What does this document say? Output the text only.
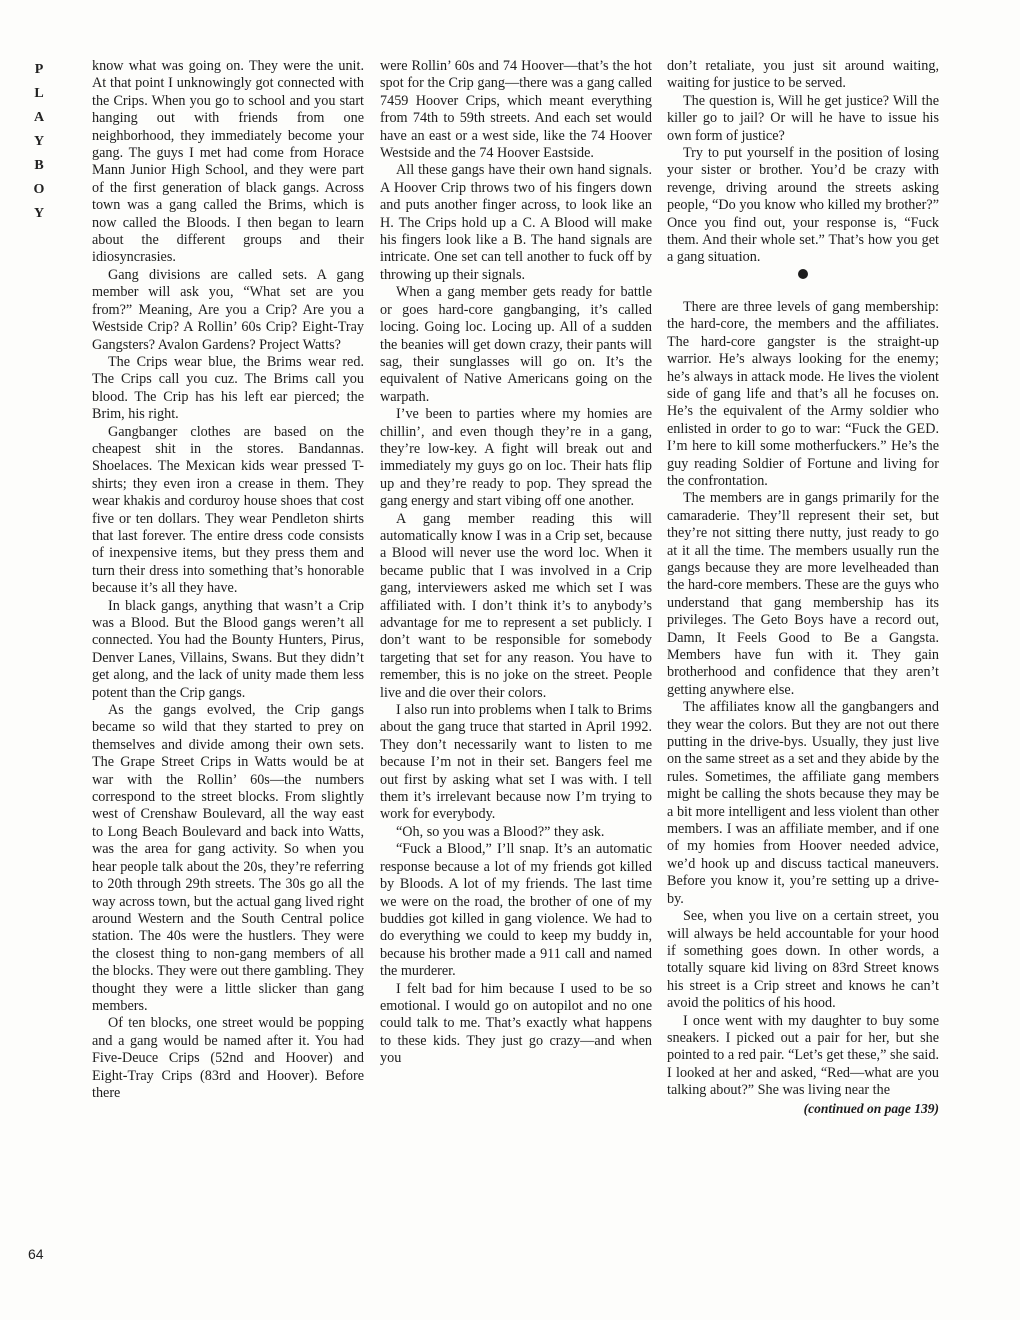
P
L
A
Y
B
O
Y

know what was going on. They were the unit. At that point I unknowingly got connected with the Crips. When you go to school and you start hanging out with friends from one neighborhood, they immediately become your gang. The guys I met had come from Horace Mann Junior High School, and they were part of the first generation of black gangs. Across town was a gang called the Brims, which is now called the Bloods. I then began to learn about the different groups and their idiosyncrasies.

Gang divisions are called sets. A gang member will ask you, “What set are you from?” Meaning, Are you a Crip? Are you a Westside Crip? A Rollin’ 60s Crip? Eight-Tray Gangsters? Avalon Gardens? Project Watts?

The Crips wear blue, the Brims wear red. The Crips call you cuz. The Brims call you blood. The Crip has his left ear pierced; the Brim, his right.

Gangbanger clothes are based on the cheapest shit in the stores. Bandannas. Shoelaces. The Mexican kids wear pressed T-shirts; they even iron a crease in them. They wear khakis and corduroy house shoes that cost five or ten dollars. They wear Pendleton shirts that last forever. The entire dress code consists of inexpensive items, but they press them and turn their dress into something that’s honorable because it’s all they have.

In black gangs, anything that wasn’t a Crip was a Blood. But the Blood gangs weren’t all connected. You had the Bounty Hunters, Pirus, Denver Lanes, Villains, Swans. But they didn’t get along, and the lack of unity made them less potent than the Crip gangs.

As the gangs evolved, the Crip gangs became so wild that they started to prey on themselves and divide among their own sets. The Grape Street Crips in Watts would be at war with the Rollin’ 60s—the numbers correspond to the street blocks. From slightly west of Crenshaw Boulevard, all the way east to Long Beach Boulevard and back into Watts, was the area for gang activity. So when you hear people talk about the 20s, they’re referring to 20th through 29th streets. The 30s go all the way across town, but the actual gang lived right around Western and the South Central police station. The 40s were the hustlers. They were the closest thing to non-gang members of all the blocks. They were out there gambling. They thought they were a little slicker than gang members.

Of ten blocks, one street would be popping and a gang would be named after it. You had Five-Deuce Crips (52nd and Hoover) and Eight-Tray Crips (83rd and Hoover). Before there

were Rollin’ 60s and 74 Hoover—that’s the hot spot for the Crip gang—there was a gang called 7459 Hoover Crips, which meant everything from 74th to 59th streets. And each set would have an east or a west side, like the 74 Hoover Westside and the 74 Hoover Eastside.

All these gangs have their own hand signals. A Hoover Crip throws two of his fingers down and puts another finger across, to look like an H. The Crips hold up a C. A Blood will make his fingers look like a B. The hand signals are intricate. One set can tell another to fuck off by throwing up their signals.

When a gang member gets ready for battle or goes hard-core gangbanging, it’s called locing. Going loc. Locing up. All of a sudden the beanies will get down crazy, their pants will sag, their sunglasses will go on. It’s the equivalent of Native Americans going on the warpath.

I’ve been to parties where my homies are chillin’, and even though they’re in a gang, they’re low-key. A fight will break out and immediately my guys go on loc. Their hats flip up and they’re ready to pop. They spread the gang energy and start vibing off one another.

A gang member reading this will automatically know I was in a Crip set, because a Blood will never use the word loc. When it became public that I was involved in a Crip gang, interviewers asked me which set I was affiliated with. I don’t think it’s to anybody’s advantage for me to represent a set publicly. I don’t want to be responsible for somebody targeting that set for any reason. You have to remember, this is no joke on the street. People live and die over their colors.

I also run into problems when I talk to Brims about the gang truce that started in April 1992. They don’t necessarily want to listen to me because I’m not in their set. Bangers feel me out first by asking what set I was with. I tell them it’s irrelevant because now I’m trying to work for everybody.

“Oh, so you was a Blood?” they ask.

“Fuck a Blood,” I’ll snap. It’s an automatic response because a lot of my friends got killed by Bloods. A lot of my friends. The last time we were on the road, the brother of one of my buddies got killed in gang violence. We had to do everything we could to keep my buddy in, because his brother made a 911 call and named the murderer.

I felt bad for him because I used to be so emotional. I would go on autopilot and no one could talk to me. That’s exactly what happens to these kids. They just go crazy—and when you

don’t retaliate, you just sit around waiting, waiting for justice to be served.

The question is, Will he get justice? Will the killer go to jail? Or will he have to issue his own form of justice?

Try to put yourself in the position of losing your sister or brother. You’d be crazy with revenge, driving around the streets asking people, “Do you know who killed my brother?” Once you find out, your response is, “Fuck them. And their whole set.” That’s how you get a gang situation.

There are three levels of gang membership: the hard-core, the members and the affiliates. The hard-core gangster is the straight-up warrior. He’s always looking for the enemy; he’s always in attack mode. He lives the violent side of gang life and that’s all he focuses on. He’s the equivalent of the Army soldier who enlisted in order to go to war: “Fuck the GED. I’m here to kill some motherfuckers.” He’s the guy reading Soldier of Fortune and living for the confrontation.

The members are in gangs primarily for the camaraderie. They’ll represent their set, but they’re not sitting there nutty, just ready to go at it all the time. The members usually run the gangs because they are more levelheaded than the hard-core members. These are the guys who understand that gang membership has its privileges. The Geto Boys have a record out, Damn, It Feels Good to Be a Gangsta. Members have fun with it. They gain brotherhood and confidence that they aren’t getting anywhere else.

The affiliates know all the gangbangers and they wear the colors. But they are not out there putting in the drive-bys. Usually, they just live on the same street as a set and they abide by the rules. Sometimes, the affiliate gang members might be calling the shots because they may be a bit more intelligent and less violent than other members. I was an affiliate member, and if one of my homies from Hoover needed advice, we’d hook up and discuss tactical maneuvers. Before you know it, you’re setting up a drive-by.

See, when you live on a certain street, you will always be held accountable for your hood if something goes down. In other words, a totally square kid living on 83rd Street knows his street is a Crip street and knows he can’t avoid the politics of his hood.

I once went with my daughter to buy some sneakers. I picked out a pair for her, but she pointed to a red pair. “Let’s get these,” she said. I looked at her and asked, “Red—what are you talking about?” She was living near the

( continued on page 139 )
64
